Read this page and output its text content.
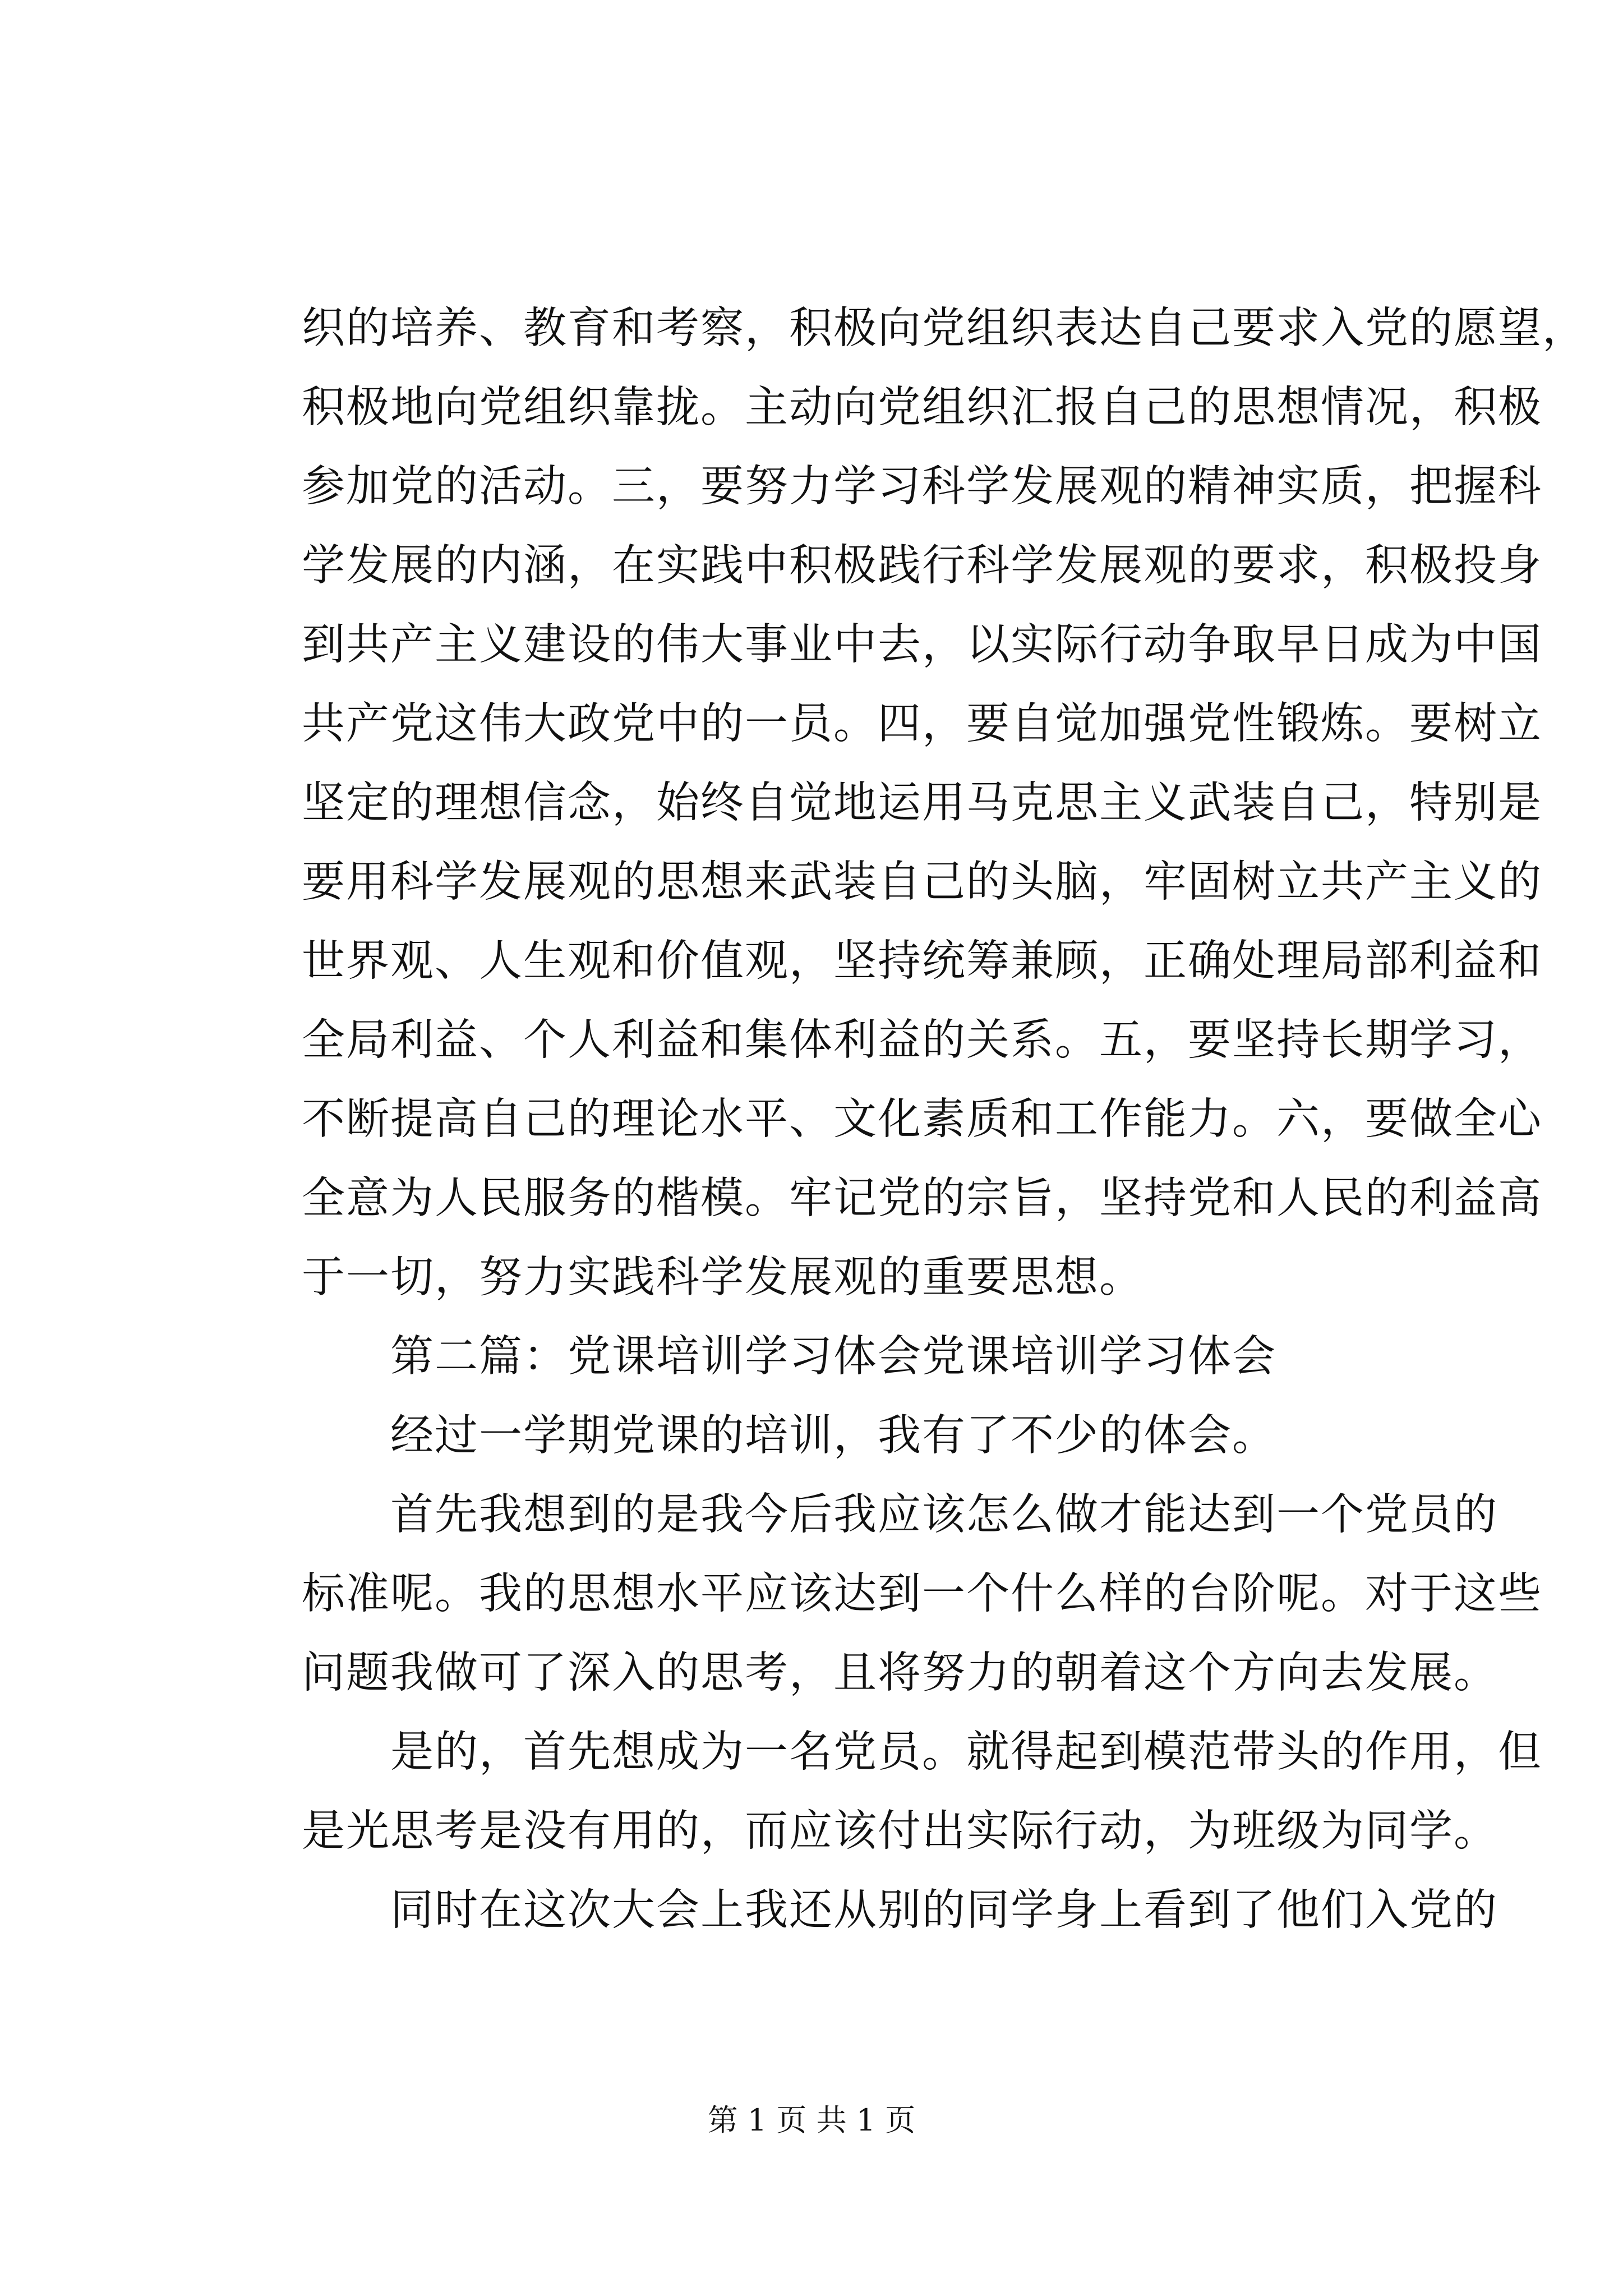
织的培养、教育和考察，积极向党组织表达自己要求入党的愿望，
积极地向党组织靠拢。主动向党组织汇报自己的思想情况，积极
参加党的活动。三，要努力学习科学发展观的精神实质，把握科
学发展的内涵，在实践中积极践行科学发展观的要求，积极投身
到共产主义建设的伟大事业中去，以实际行动争取早日成为中国
共产党这伟大政党中的一员。四，要自觉加强党性锻炼。要树立
坚定的理想信念，始终自觉地运用马克思主义武装自己，特别是
要用科学发展观的思想来武装自己的头脑，牢固树立共产主义的
世界观、人生观和价值观，坚持统筹兼顾，正确处理局部利益和
全局利益、个人利益和集体利益的关系。五，要坚持长期学习，
不断提高自己的理论水平、文化素质和工作能力。六，要做全心
全意为人民服务的楷模。牢记党的宗旨，坚持党和人民的利益高
于一切，努力实践科学发展观的重要思想。
　　第二篇：党课培训学习体会党课培训学习体会
　　经过一学期党课的培训，我有了不少的体会。
　　首先我想到的是我今后我应该怎么做才能达到一个党员的
标准呢。我的思想水平应该达到一个什么样的台阶呢。对于这些
问题我做可了深入的思考，且将努力的朝着这个方向去发展。
　　是的，首先想成为一名党员。就得起到模范带头的作用，但
是光思考是没有用的，而应该付出实际行动，为班级为同学。
　　同时在这次大会上我还从别的同学身上看到了他们入党的
第 1 页 共 1 页
